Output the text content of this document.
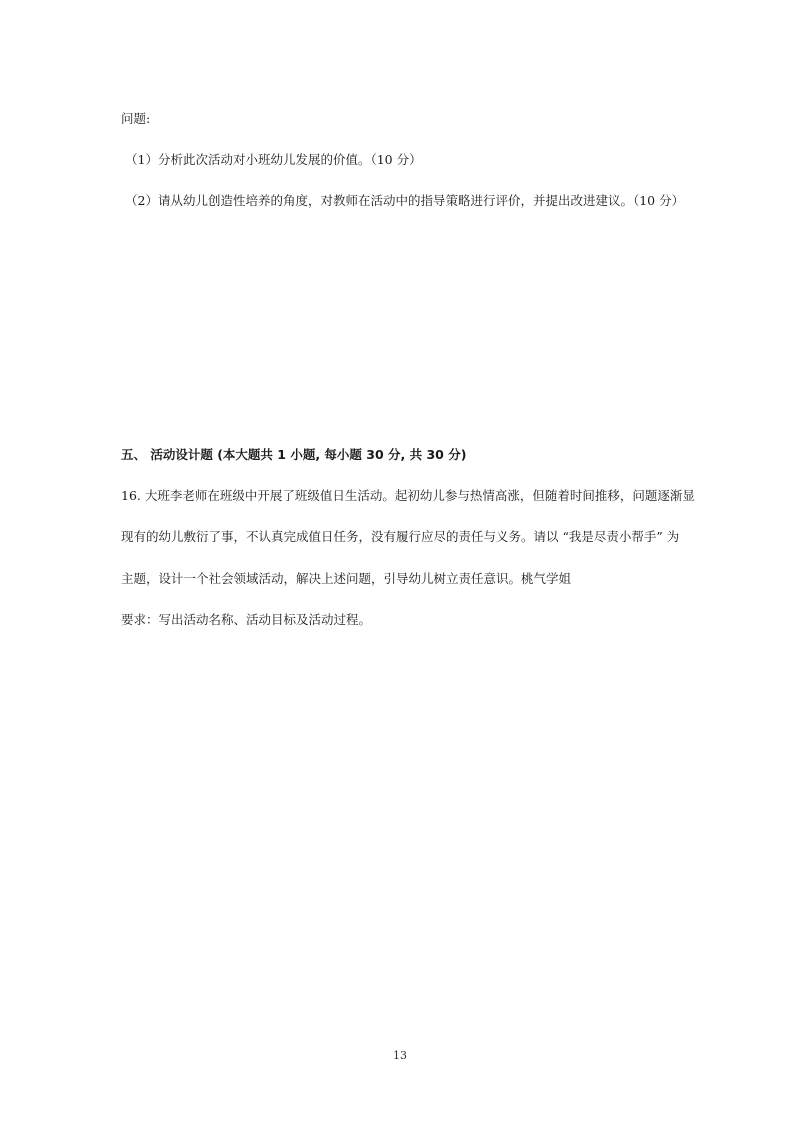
问题:
（1）分析此次活动对小班幼儿发展的价值。（10 分）
（2）请从幼儿创造性培养的角度，对教师在活动中的指导策略进行评价，并提出改进建议。（10 分）
五、 活动设计题 (本大题共 1 小题, 每小题 30 分, 共 30 分)
16. 大班李老师在班级中开展了班级值日生活动。起初幼儿参与热情高涨，但随着时间推移，问题逐渐显
现有的幼儿敷衍了事，不认真完成值日任务，没有履行应尽的责任与义务。请以 “我是尽责小帮手” 为
主题，设计一个社会领域活动，解决上述问题，引导幼儿树立责任意识。桃气学姐
要求：写出活动名称、活动目标及活动过程。
13
